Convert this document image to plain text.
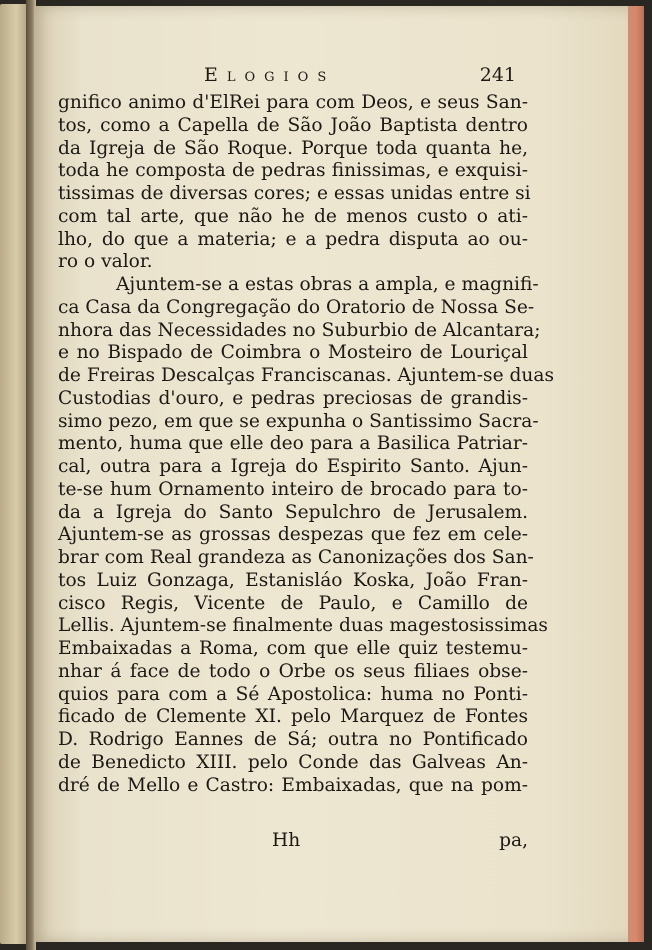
Elogios	241
gnifico animo d'ElRei para com Deos, e seus San-
tos, como a Capella de São João Baptista dentro
da Igreja de São Roque. Porque toda quanta he,
toda he composta de pedras finissimas, e exquisi-
tissimas de diversas cores; e essas unidas entre si
com tal arte, que não he de menos custo o ati-
lho, do que a materia; e a pedra disputa ao ou-
ro o valor.
Ajuntem-se a estas obras a ampla, e magnifi-
ca Casa da Congregação do Oratorio de Nossa Se-
nhora das Necessidades no Suburbio de Alcantara;
e no Bispado de Coimbra o Mosteiro de Louriçal
de Freiras Descalças Franciscanas. Ajuntem-se duas
Custodias d'ouro, e pedras preciosas de grandis-
simo pezo, em que se expunha o Santissimo Sacra-
mento, huma que elle deo para a Basilica Patriar-
cal, outra para a Igreja do Espirito Santo. Ajun-
te-se hum Ornamento inteiro de brocado para to-
da a Igreja do Santo Sepulchro de Jerusalem.
Ajuntem-se as grossas despezas que fez em cele-
brar com Real grandeza as Canonizações dos San-
tos Luiz Gonzaga, Estanisláo Koska, João Fran-
cisco Regis, Vicente de Paulo, e Camillo de
Lellis. Ajuntem-se finalmente duas magestosissimas
Embaixadas a Roma, com que elle quiz testemu-
nhar á face de todo o Orbe os seus filiaes obse-
quios para com a Sé Apostolica: huma no Ponti-
ficado de Clemente XI. pelo Marquez de Fontes
D. Rodrigo Eannes de Sá; outra no Pontificado
de Benedicto XIII. pelo Conde das Galveas An-
dré de Mello e Castro: Embaixadas, que na pom-
Hh	pa,
